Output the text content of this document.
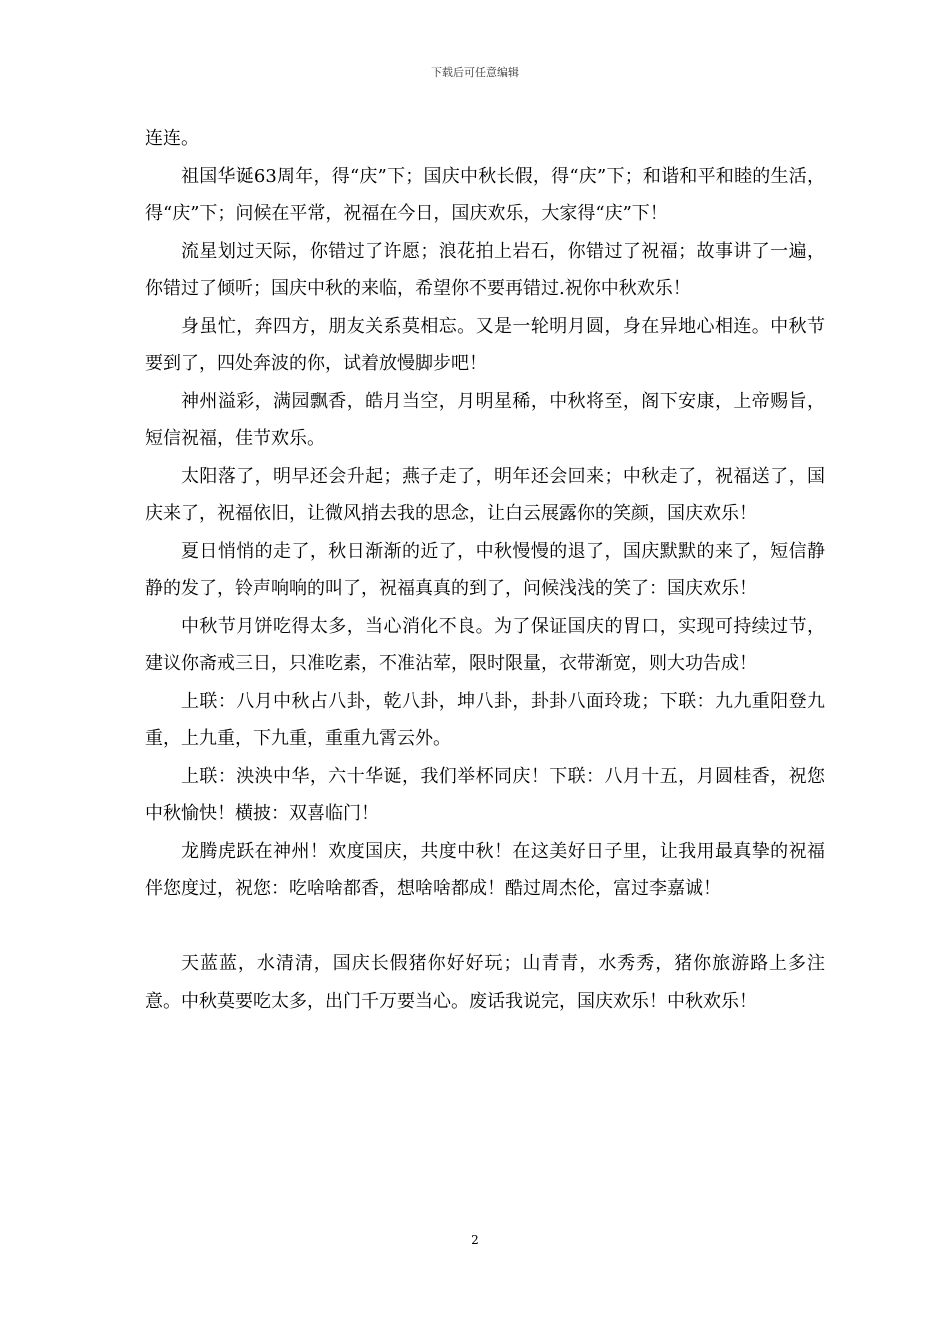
下载后可任意编辑

连连。

祖国华诞63周年，得“庆”下；国庆中秋长假，得“庆”下；和谐和平和睦的生活，得“庆”下；问候在平常，祝福在今日，国庆欢乐，大家得“庆”下！

流星划过天际，你错过了许愿；浪花拍上岩石，你错过了祝福；故事讲了一遍，你错过了倾听；国庆中秋的来临，希望你不要再错过.祝你中秋欢乐！

身虽忙，奔四方，朋友关系莫相忘。又是一轮明月圆，身在异地心相连。中秋节要到了，四处奔波的你，试着放慢脚步吧！

神州溢彩，满园飘香，皓月当空，月明星稀，中秋将至，阁下安康，上帝赐旨，短信祝福，佳节欢乐。

太阳落了，明早还会升起；燕子走了，明年还会回来；中秋走了，祝福送了，国庆来了，祝福依旧，让微风捎去我的思念，让白云展露你的笑颜，国庆欢乐！

夏日悄悄的走了，秋日渐渐的近了，中秋慢慢的退了，国庆默默的来了，短信静静的发了，铃声响响的叫了，祝福真真的到了，问候浅浅的笑了：国庆欢乐！

中秋节月饼吃得太多，当心消化不良。为了保证国庆的胃口，实现可持续过节，建议你斋戒三日，只准吃素，不准沾荤，限时限量，衣带渐宽，则大功告成！

上联：八月中秋占八卦，乾八卦，坤八卦，卦卦八面玲珑；下联：九九重阳登九重，上九重，下九重，重重九霄云外。

上联：泱泱中华，六十华诞，我们举杯同庆！下联：八月十五，月圆桂香，祝您中秋愉快！横披：双喜临门！

龙腾虎跃在神州！欢度国庆，共度中秋！在这美好日子里，让我用最真挚的祝福伴您度过，祝您：吃啥啥都香，想啥啥都成！酷过周杰伦，富过李嘉诚！

天蓝蓝，水清清，国庆长假猪你好好玩；山青青，水秀秀，猪你旅游路上多注意。中秋莫要吃太多，出门千万要当心。废话我说完，国庆欢乐！中秋欢乐！

2
